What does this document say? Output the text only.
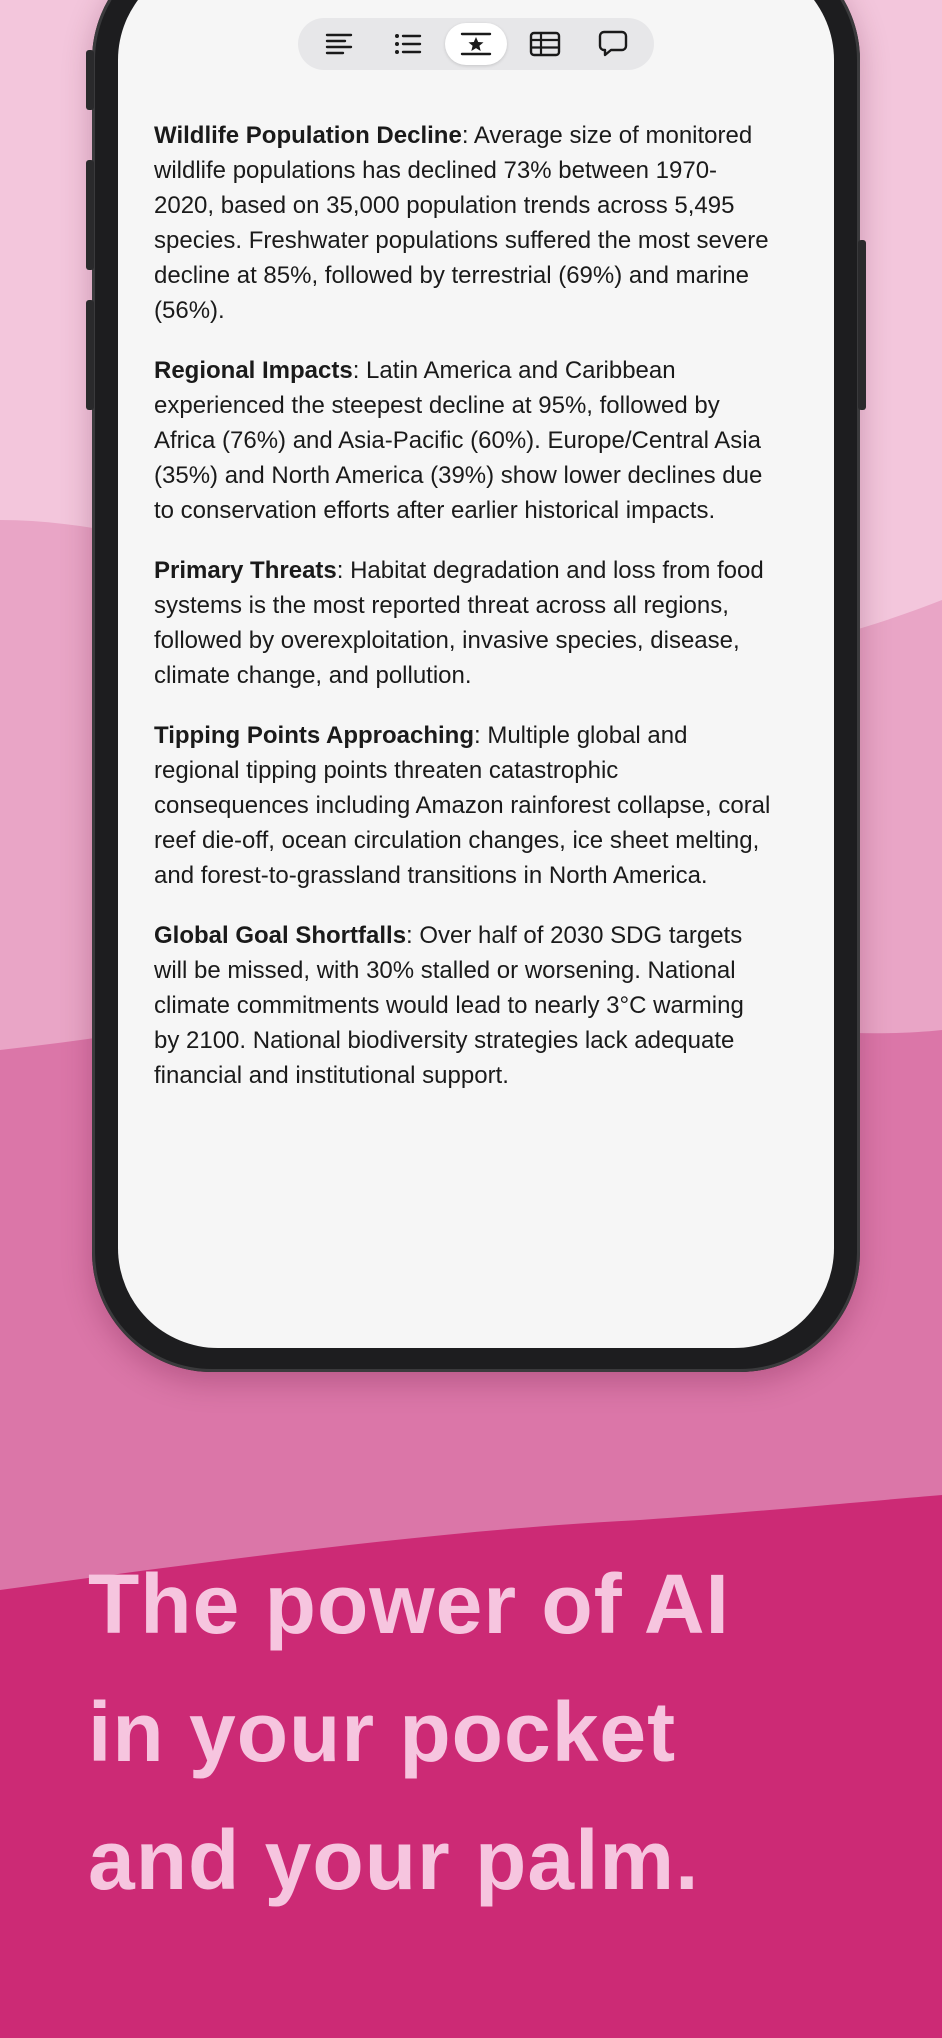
Wildlife Population Decline: Average size of monitored wildlife populations has declined 73% between 1970-2020, based on 35,000 population trends across 5,495 species. Freshwater populations suffered the most severe decline at 85%, followed by terrestrial (69%) and marine (56%).

Regional Impacts: Latin America and Caribbean experienced the steepest decline at 95%, followed by Africa (76%) and Asia-Pacific (60%). Europe/Central Asia (35%) and North America (39%) show lower declines due to conservation efforts after earlier historical impacts.

Primary Threats: Habitat degradation and loss from food systems is the most reported threat across all regions, followed by overexploitation, invasive species, disease, climate change, and pollution.

Tipping Points Approaching: Multiple global and regional tipping points threaten catastrophic consequences including Amazon rainforest collapse, coral reef die-off, ocean circulation changes, ice sheet melting, and forest-to-grassland transitions in North America.

Global Goal Shortfalls: Over half of 2030 SDG targets will be missed, with 30% stalled or worsening. National climate commitments would lead to nearly 3°C warming by 2100. National biodiversity strategies lack adequate financial and institutional support.

The power of AI
in your pocket
and your palm.
